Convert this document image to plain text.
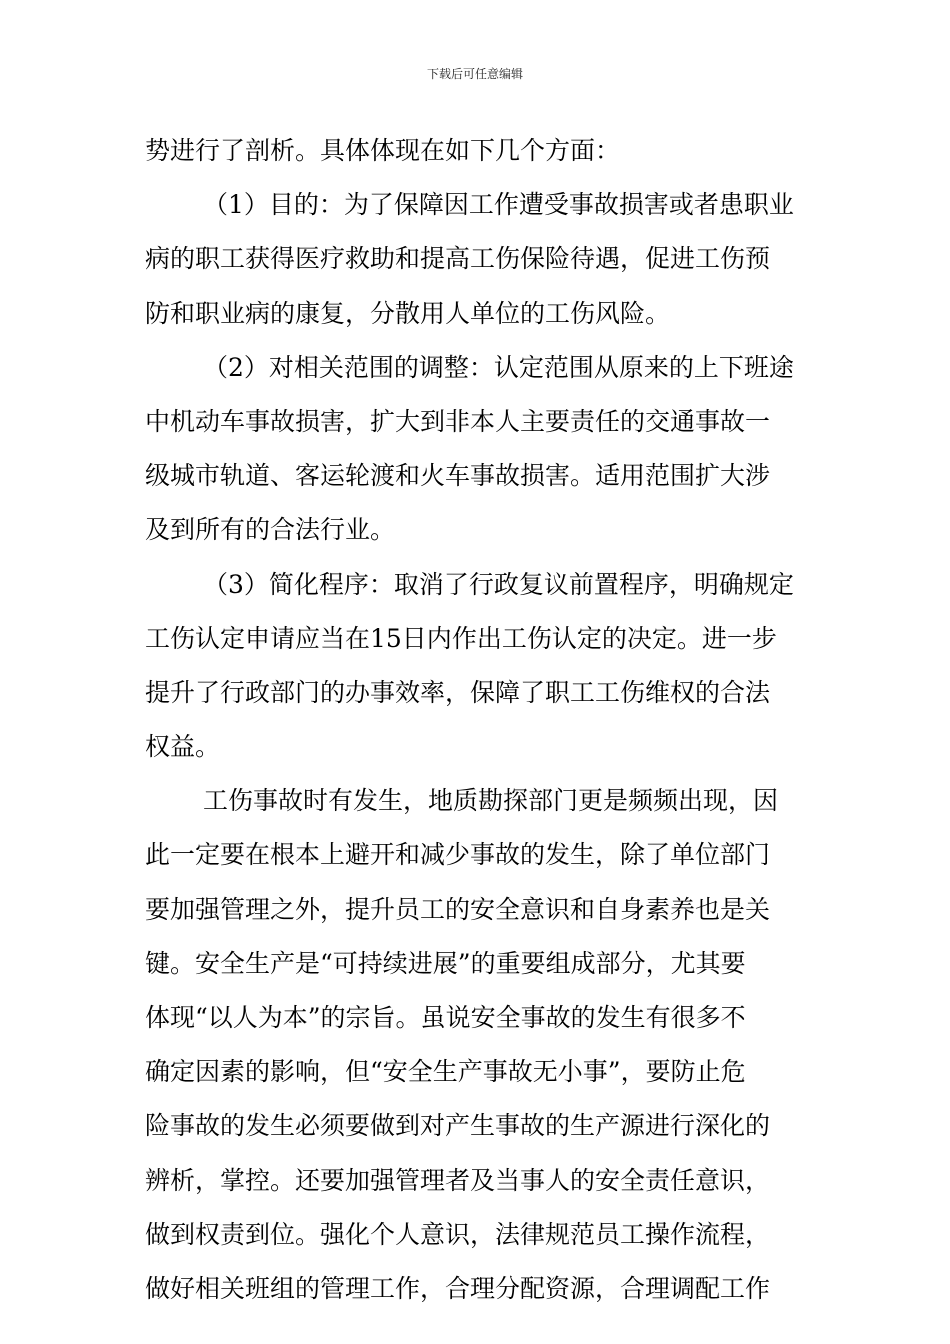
下载后可任意编辑
势进行了剖析。具体体现在如下几个方面：
（1）目的：为了保障因工作遭受事故损害或者患职业
病的职工获得医疗救助和提高工伤保险待遇，促进工伤预
防和职业病的康复，分散用人单位的工伤风险。
（2）对相关范围的调整：认定范围从原来的上下班途
中机动车事故损害，扩大到非本人主要责任的交通事故一
级城市轨道、客运轮渡和火车事故损害。适用范围扩大涉
及到所有的合法行业。
（3）简化程序：取消了行政复议前置程序，明确规定
工伤认定申请应当在15日内作出工伤认定的决定。进一步
提升了行政部门的办事效率，保障了职工工伤维权的合法
权益。
工伤事故时有发生，地质勘探部门更是频频出现，因
此一定要在根本上避开和减少事故的发生，除了单位部门
要加强管理之外，提升员工的安全意识和自身素养也是关
键。安全生产是“可持续进展”的重要组成部分，尤其要
体现“以人为本”的宗旨。虽说安全事故的发生有很多不
确定因素的影响，但“安全生产事故无小事”，要防止危
险事故的发生必须要做到对产生事故的生产源进行深化的
辨析，掌控。还要加强管理者及当事人的安全责任意识，
做到权责到位。强化个人意识，法律规范员工操作流程，
做好相关班组的管理工作，合理分配资源，合理调配工作
